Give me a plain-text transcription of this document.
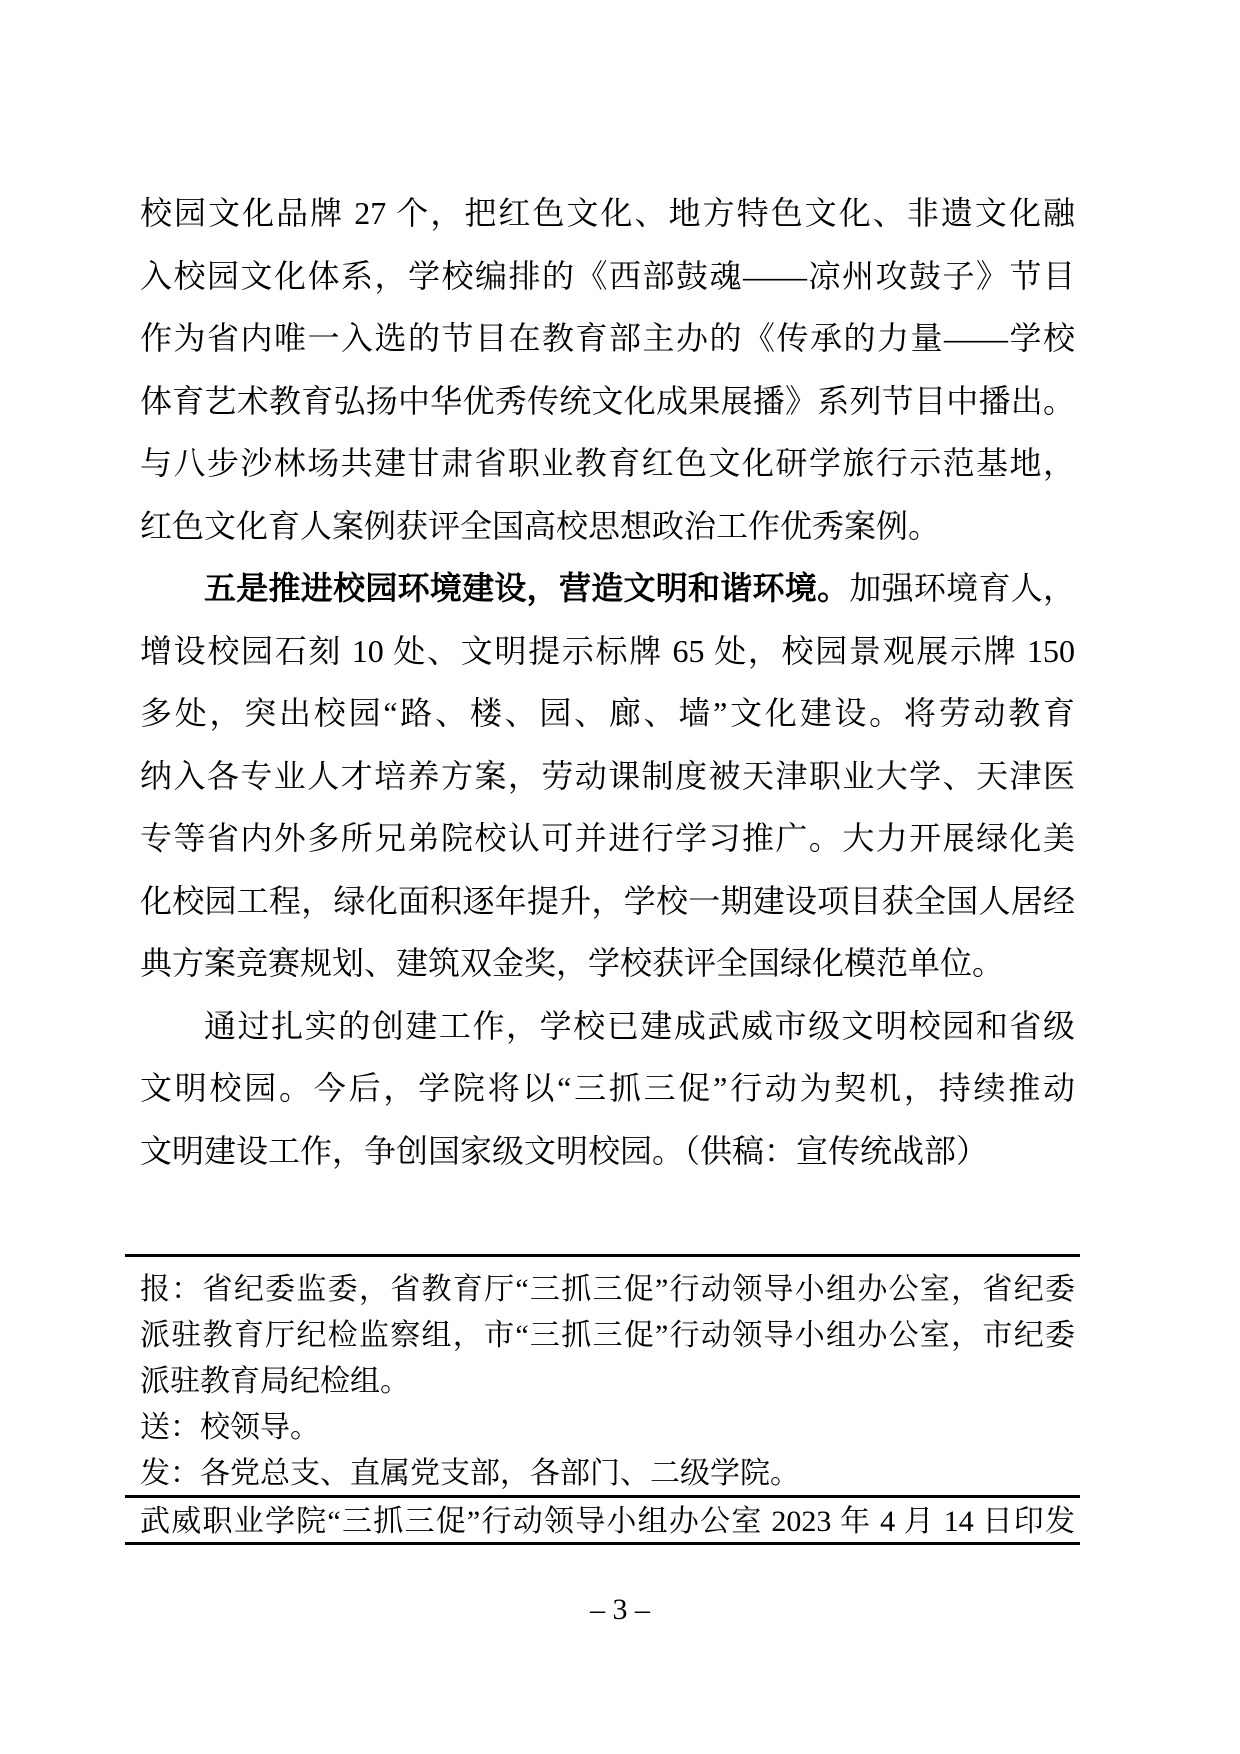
校园文化品牌 27 个，把红色文化、地方特色文化、非遗文化融
入校园文化体系，学校编排的《西部鼓魂——凉州攻鼓子》节目
作为省内唯一入选的节目在教育部主办的《传承的力量——学校
体育艺术教育弘扬中华优秀传统文化成果展播》系列节目中播出。
与八步沙林场共建甘肃省职业教育红色文化研学旅行示范基地，
红色文化育人案例获评全国高校思想政治工作优秀案例。
五是推进校园环境建设，营造文明和谐环境。加强环境育人，
增设校园石刻 10 处、文明提示标牌 65 处，校园景观展示牌 150
多处，突出校园“路、楼、园、廊、墙”文化建设。将劳动教育
纳入各专业人才培养方案，劳动课制度被天津职业大学、天津医
专等省内外多所兄弟院校认可并进行学习推广。大力开展绿化美
化校园工程，绿化面积逐年提升，学校一期建设项目获全国人居经
典方案竞赛规划、建筑双金奖，学校获评全国绿化模范单位。
通过扎实的创建工作，学校已建成武威市级文明校园和省级
文明校园。今后，学院将以“三抓三促”行动为契机，持续推动
文明建设工作，争创国家级文明校园。（供稿：宣传统战部）
报：省纪委监委，省教育厅“三抓三促”行动领导小组办公室，省纪委
派驻教育厅纪检监察组，市“三抓三促”行动领导小组办公室，市纪委
派驻教育局纪检组。
送：校领导。
发：各党总支、直属党支部，各部门、二级学院。
武威职业学院“三抓三促”行动领导小组办公室 2023 年 4 月 14 日印发
– 3 –
